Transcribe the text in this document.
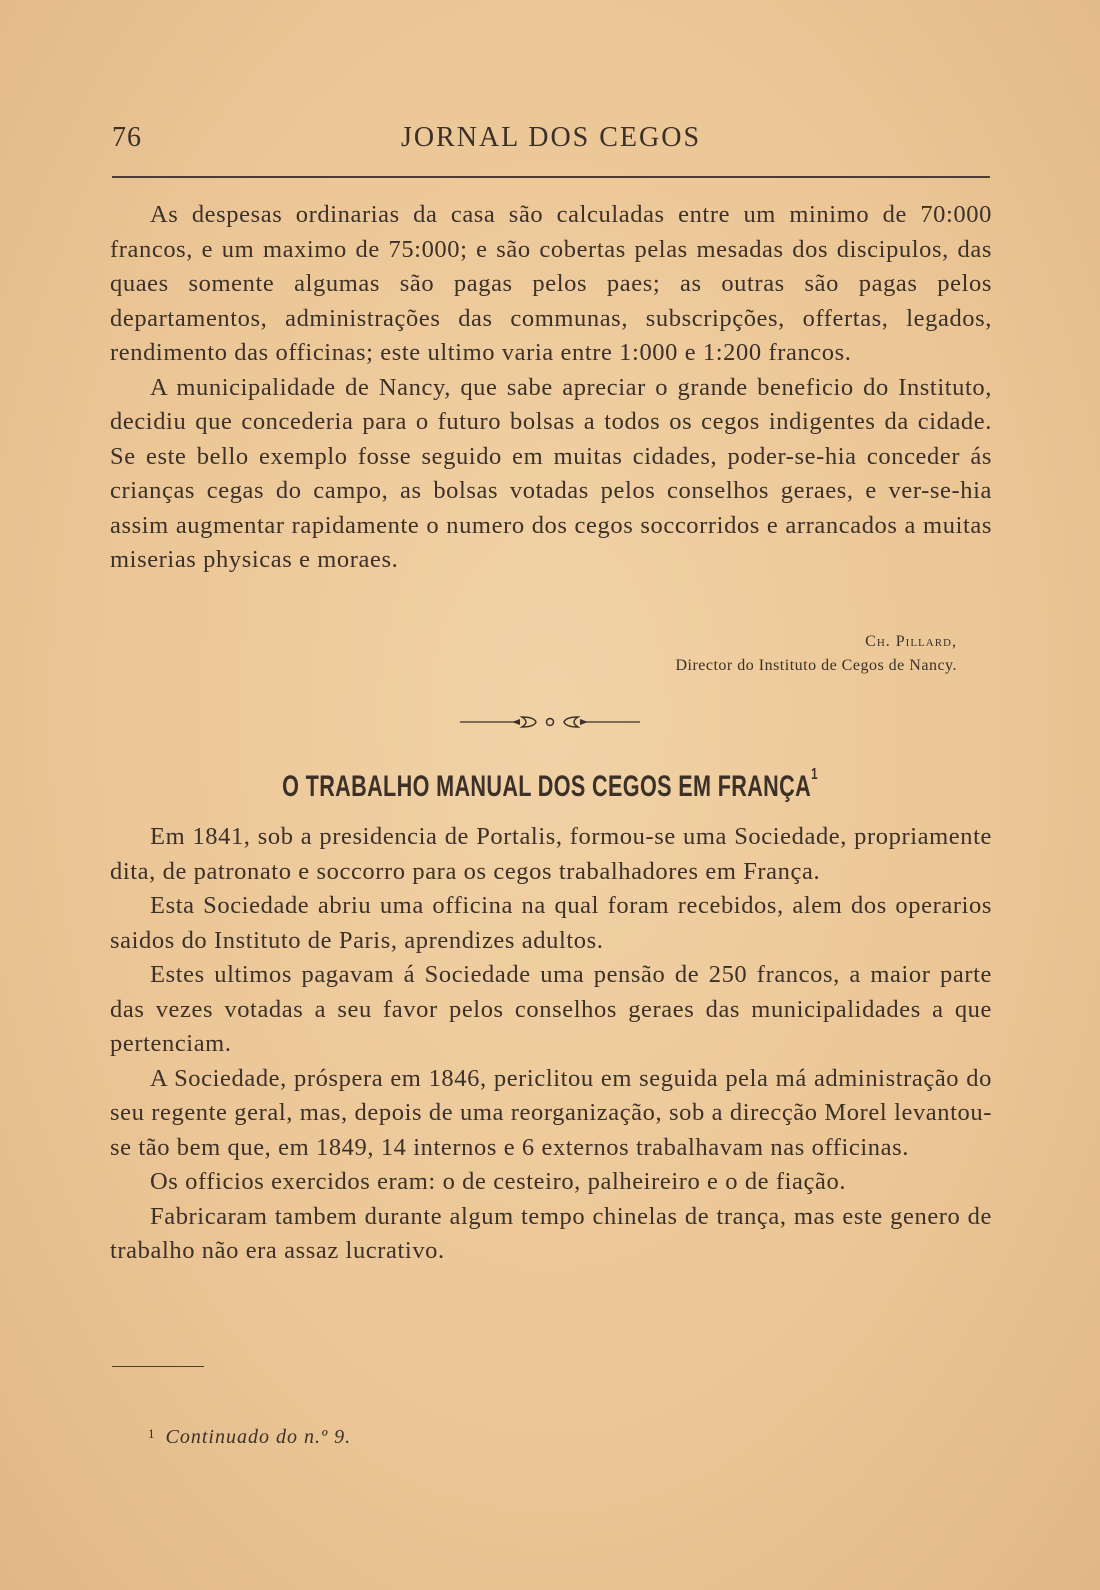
76	JORNAL DOS CEGOS

As despesas ordinarias da casa são calculadas entre um minimo de 70:000 francos, e um maximo de 75:000; e são cobertas pelas mesadas dos discipulos, das quaes somente algumas são pagas pelos paes; as outras são pagas pelos departamentos, administrações das communas, subscripções, offertas, legados, rendimento das officinas; este ultimo varia entre 1:000 e 1:200 francos.

A municipalidade de Nancy, que sabe apreciar o grande beneficio do Instituto, decidiu que concederia para o futuro bolsas a todos os cegos indigentes da cidade. Se este bello exemplo fosse seguido em muitas cidades, poder-se-hia conceder ás crianças cegas do campo, as bolsas votadas pelos conselhos geraes, e ver-se-hia assim augmentar rapidamente o numero dos cegos soccorridos e arrancados a muitas miserias physicas e moraes.

Ch. Pillard,
Director do Instituto de Cegos de Nancy.
O TRABALHO MANUAL DOS CEGOS EM FRANÇA$^1$

Em 1841, sob a presidencia de Portalis, formou-se uma Sociedade, propriamente dita, de patronato e soccorro para os cegos trabalhadores em França.

Esta Sociedade abriu uma officina na qual foram recebidos, alem dos operarios saidos do Instituto de Paris, aprendizes adultos.

Estes ultimos pagavam á Sociedade uma pensão de 250 francos, a maior parte das vezes votadas a seu favor pelos conselhos geraes das municipalidades a que pertenciam.

A Sociedade, próspera em 1846, periclitou em seguida pela má administração do seu regente geral, mas, depois de uma reorganização, sob a direcção Morel levantou-se tão bem que, em 1849, 14 internos e 6 externos trabalhavam nas officinas.

Os officios exercidos eram: o de cesteiro, palheireiro e o de fiação.

Fabricaram tambem durante algum tempo chinelas de trança, mas este genero de trabalho não era assaz lucrativo.

$^1$ Continuado do n.º 9.
